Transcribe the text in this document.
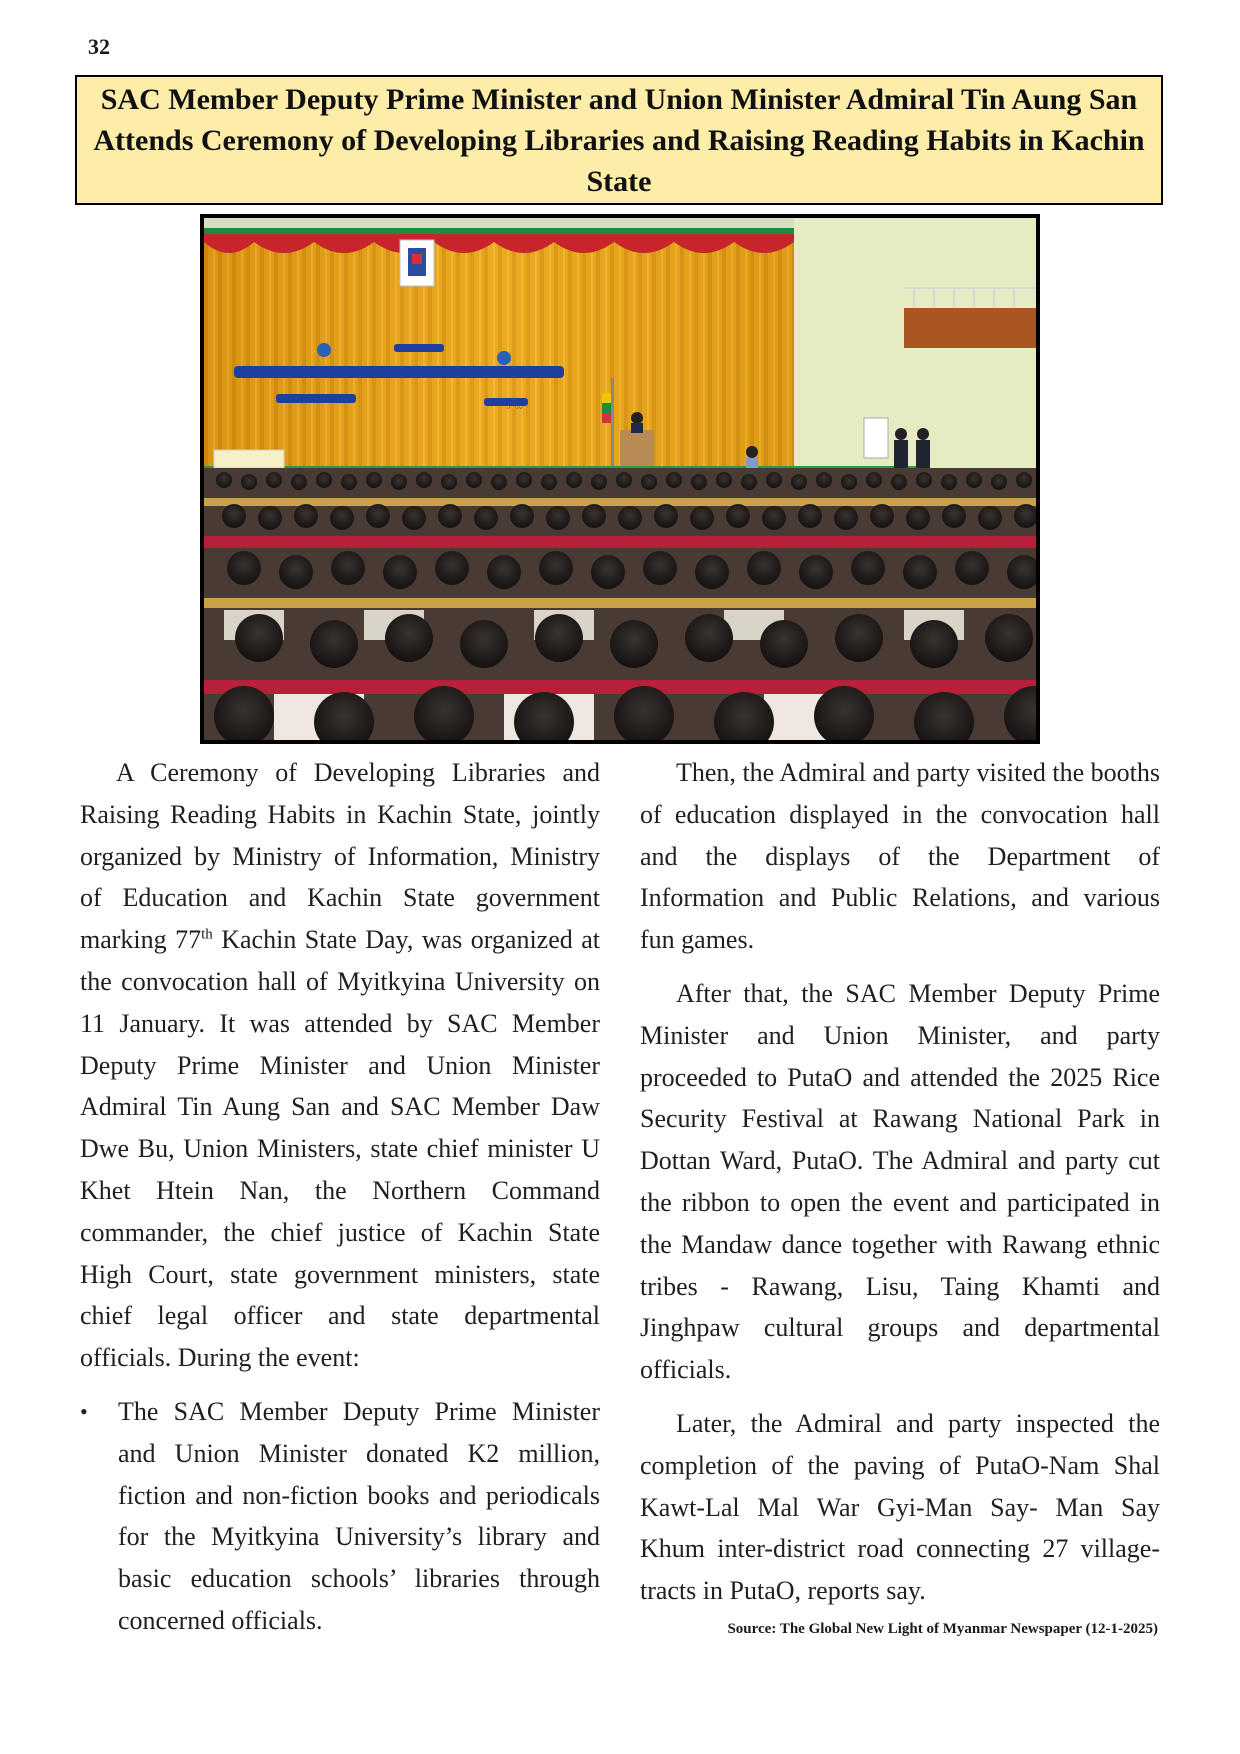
32
SAC Member Deputy Prime Minister and Union Minister Admiral Tin Aung San Attends Ceremony of Developing Libraries and Raising Reading Habits in Kachin State
၁၁-၁-၂၀၂၅

A Ceremony of Developing Libraries and Raising Reading Habits in Kachin State, jointly organized by Ministry of Information, Ministry of Education and Kachin State government marking 77th Kachin State Day, was organized at the convocation hall of Myitkyina University on 11 January. It was attended by SAC Member Deputy Prime Minister and Union Minister Admiral Tin Aung San and SAC Member Daw Dwe Bu, Union Ministers, state chief minister U Khet Htein Nan, the Northern Command commander, the chief justice of Kachin State High Court, state government ministers, state chief legal officer and state departmental officials. During the event:

• The SAC Member Deputy Prime Minister and Union Minister donated K2 million, fiction and non-fiction books and periodicals for the Myitkyina University’s library and basic education schools’ libraries through concerned officials.

Then, the Admiral and party visited the booths of education displayed in the convocation hall and the displays of the Department of Information and Public Relations, and various fun games.

After that, the SAC Member Deputy Prime Minister and Union Minister, and party proceeded to PutaO and attended the 2025 Rice Security Festival at Rawang National Park in Dottan Ward, PutaO. The Admiral and party cut the ribbon to open the event and participated in the Mandaw dance together with Rawang ethnic tribes - Rawang, Lisu, Taing Khamti and Jinghpaw cultural groups and departmental officials.

Later, the Admiral and party inspected the completion of the paving of PutaO-Nam Shal Kawt-Lal Mal War Gyi-Man Say- Man Say Khum inter-district road connecting 27 village-tracts in PutaO, reports say.

Source: The Global New Light of Myanmar Newspaper (12-1-2025)
